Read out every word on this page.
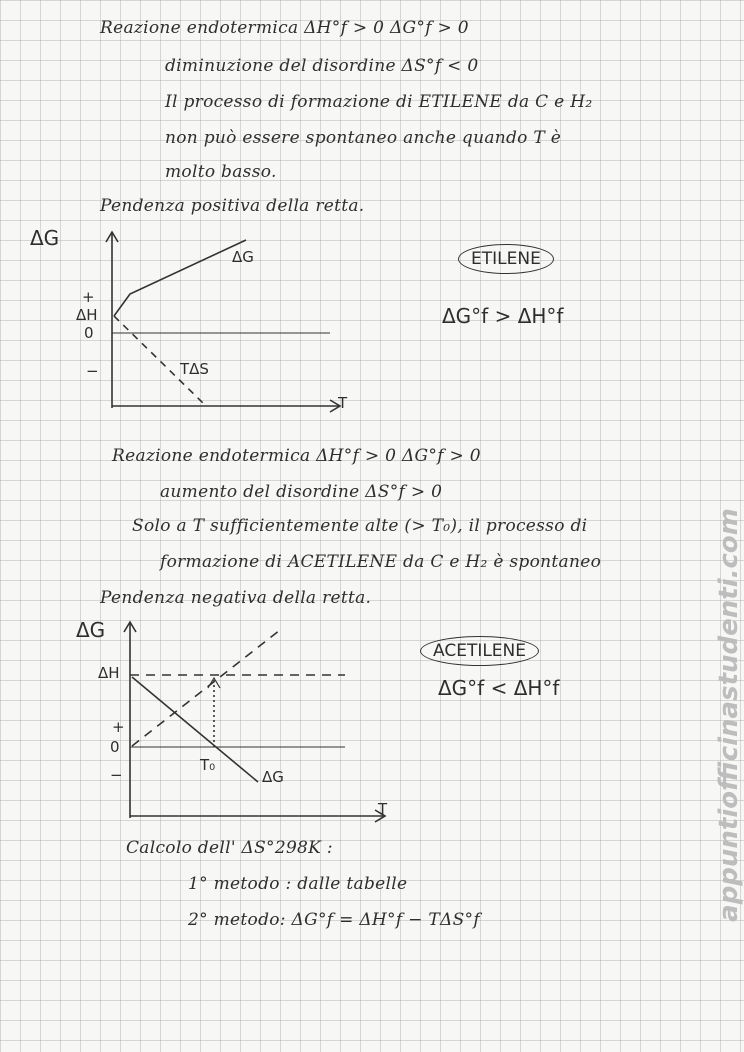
Reazione endotermica ΔH°f > 0 ΔG°f > 0
diminuzione del disordine ΔS°f < 0
Il processo di formazione di ETILENE da C e H₂
non può essere spontaneo anche quando T è
molto basso.
Pendenza positiva della retta.
ΔG
T
+
ΔH
0
−
ΔG
TΔS
ETILENE
ΔG°f > ΔH°f
Reazione endotermica ΔH°f > 0 ΔG°f > 0
aumento del disordine ΔS°f > 0
Solo a T sufficientemente alte (> T₀), il processo di
formazione di ACETILENE da C e H₂ è spontaneo
Pendenza negativa della retta.
ΔG
T
ΔH
+
0
−
T₀
ΔG
ACETILENE
ΔG°f < ΔH°f
Calcolo dell' ΔS°298K :
1° metodo : dalle tabelle
2° metodo: ΔG°f = ΔH°f − TΔS°f	appuntiofficinastudenti.com
